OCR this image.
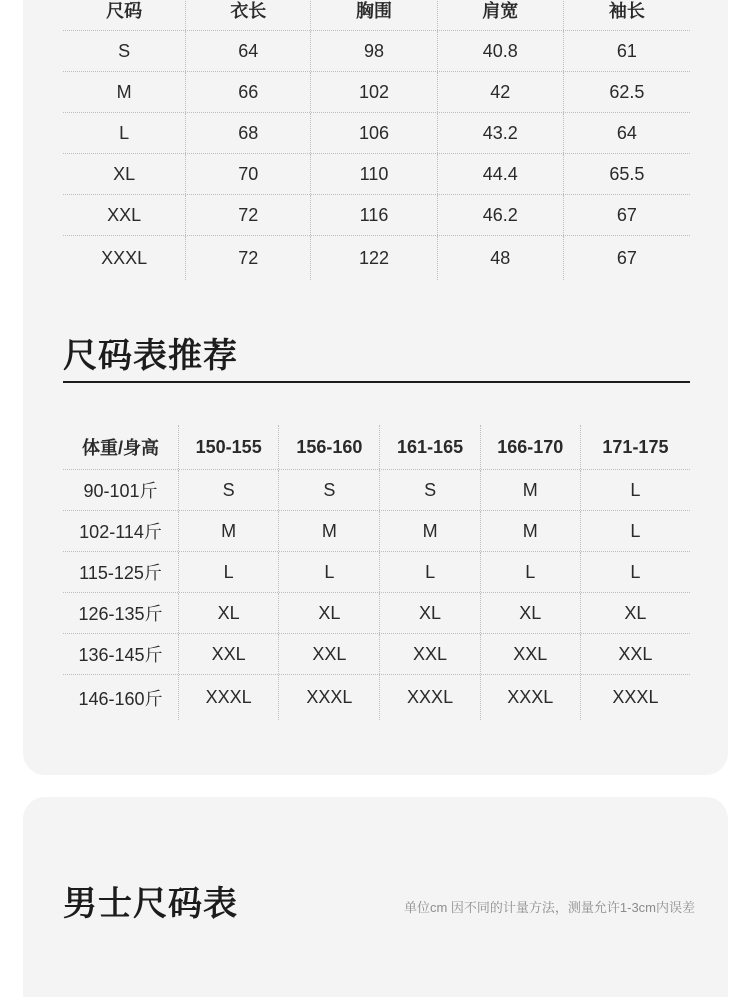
尺码	衣长	胸围	肩宽	袖长
S	64	98	40.8	61
M	66	102	42	62.5
L	68	106	43.2	64
XL	70	110	44.4	65.5
XXL	72	116	46.2	67
XXXL	72	122	48	67
尺码表推荐
体重/身高	150-155	156-160	161-165	166-170	171-175
90-101斤	S	S	S	M	L
102-114斤	M	M	M	M	L
115-125斤	L	L	L	L	L
126-135斤	XL	XL	XL	XL	XL
136-145斤	XXL	XXL	XXL	XXL	XXL
146-160斤	XXXL	XXXL	XXXL	XXXL	XXXL
男士尺码表	单位cm 因不同的计量方法，测量允许1-3cm内误差
